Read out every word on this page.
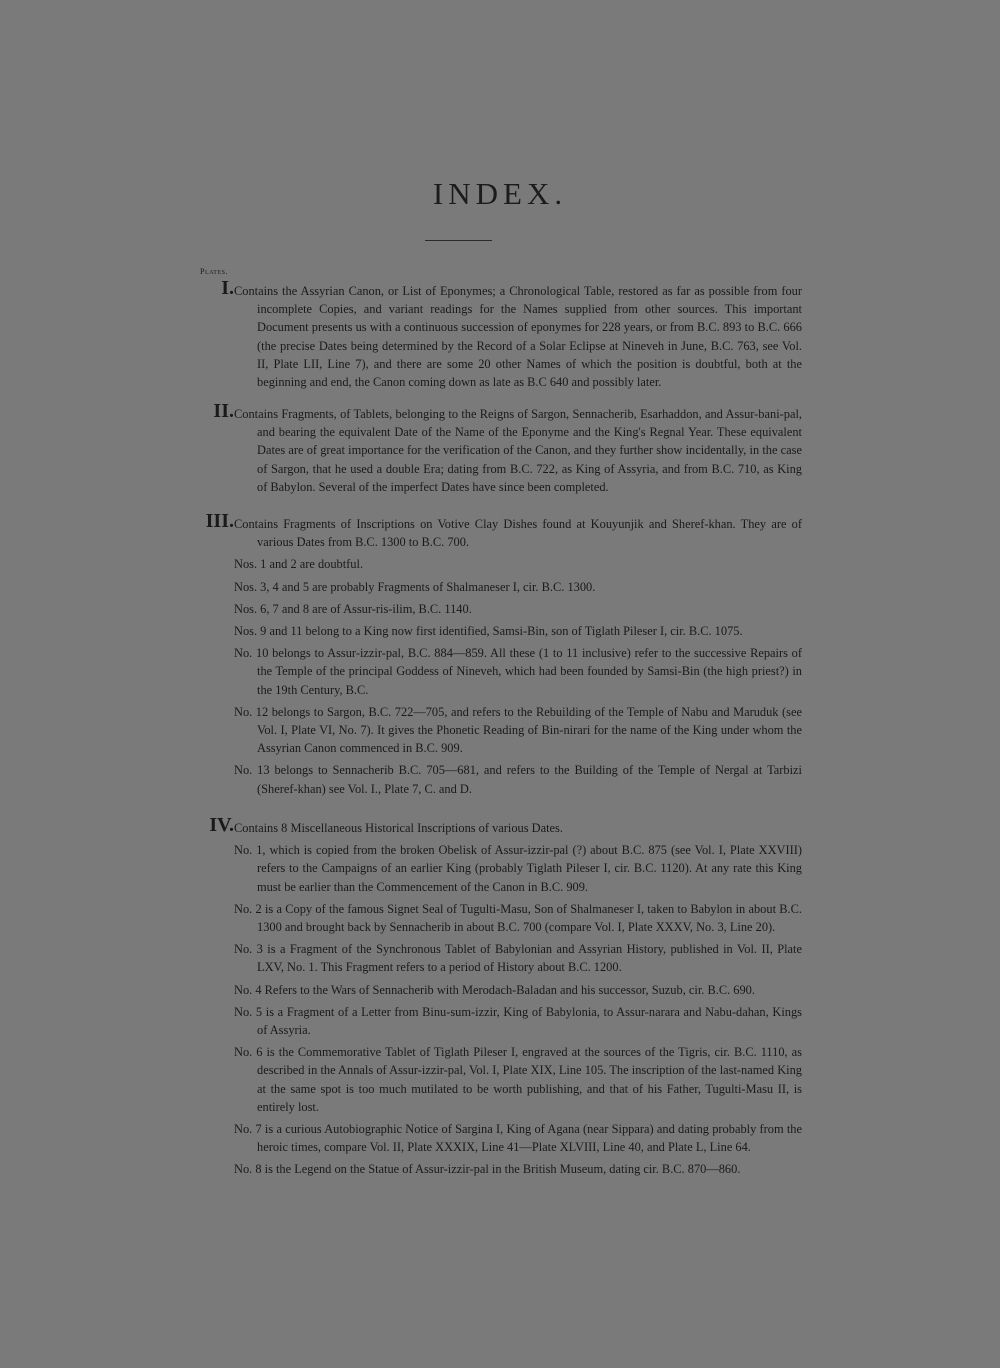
INDEX.
Plates.
I. Contains the Assyrian Canon, or List of Eponymes; a Chronological Table, restored as far as possible from four incomplete Copies, and variant readings for the Names supplied from other sources. This important Document presents us with a continuous succession of eponymes for 228 years, or from B.C. 893 to B.C. 666 (the precise Dates being determined by the Record of a Solar Eclipse at Nineveh in June, B.C. 763, see Vol. II, Plate LII, Line 7), and there are some 20 other Names of which the position is doubtful, both at the beginning and end, the Canon coming down as late as B.C 640 and possibly later.

II. Contains Fragments, of Tablets, belonging to the Reigns of Sargon, Sennacherib, Esarhaddon, and Assur-bani-pal, and bearing the equivalent Date of the Name of the Eponyme and the King's Regnal Year. These equivalent Dates are of great importance for the verification of the Canon, and they further show incidentally, in the case of Sargon, that he used a double Era; dating from B.C. 722, as King of Assyria, and from B.C. 710, as King of Babylon. Several of the imperfect Dates have since been completed.

III. Contains Fragments of Inscriptions on Votive Clay Dishes found at Kouyunjik and Sheref-khan. They are of various Dates from B.C. 1300 to B.C. 700.

Nos. 1 and 2 are doubtful.

Nos. 3, 4 and 5 are probably Fragments of Shalmaneser I, cir. B.C. 1300.

Nos. 6, 7 and 8 are of Assur-ris-ilim, B.C. 1140.

Nos. 9 and 11 belong to a King now first identified, Samsi-Bin, son of Tiglath Pileser I, cir. B.C. 1075.

No. 10 belongs to Assur-izzir-pal, B.C. 884—859. All these (1 to 11 inclusive) refer to the successive Repairs of the Temple of the principal Goddess of Nineveh, which had been founded by Samsi-Bin (the high priest?) in the 19th Century, B.C.

No. 12 belongs to Sargon, B.C. 722—705, and refers to the Rebuilding of the Temple of Nabu and Maruduk (see Vol. I, Plate VI, No. 7). It gives the Phonetic Reading of Bin-nirari for the name of the King under whom the Assyrian Canon commenced in B.C. 909.

No. 13 belongs to Sennacherib B.C. 705—681, and refers to the Building of the Temple of Nergal at Tarbizi (Sheref-khan) see Vol. I., Plate 7, C. and D.

IV. Contains 8 Miscellaneous Historical Inscriptions of various Dates.

No. 1, which is copied from the broken Obelisk of Assur-izzir-pal (?) about B.C. 875 (see Vol. I, Plate XXVIII) refers to the Campaigns of an earlier King (probably Tiglath Pileser I, cir. B.C. 1120). At any rate this King must be earlier than the Commencement of the Canon in B.C. 909.

No. 2 is a Copy of the famous Signet Seal of Tugulti-Masu, Son of Shalmaneser I, taken to Babylon in about B.C. 1300 and brought back by Sennacherib in about B.C. 700 (compare Vol. I, Plate XXXV, No. 3, Line 20).

No. 3 is a Fragment of the Synchronous Tablet of Babylonian and Assyrian History, published in Vol. II, Plate LXV, No. 1. This Fragment refers to a period of History about B.C. 1200.

No. 4 Refers to the Wars of Sennacherib with Merodach-Baladan and his successor, Suzub, cir. B.C. 690.

No. 5 is a Fragment of a Letter from Binu-sum-izzir, King of Babylonia, to Assur-narara and Nabu-dahan, Kings of Assyria.

No. 6 is the Commemorative Tablet of Tiglath Pileser I, engraved at the sources of the Tigris, cir. B.C. 1110, as described in the Annals of Assur-izzir-pal, Vol. I, Plate XIX, Line 105. The inscription of the last-named King at the same spot is too much mutilated to be worth publishing, and that of his Father, Tugulti-Masu II, is entirely lost.

No. 7 is a curious Autobiographic Notice of Sargina I, King of Agana (near Sippara) and dating probably from the heroic times, compare Vol. II, Plate XXXIX, Line 41—Plate XLVIII, Line 40, and Plate L, Line 64.

No. 8 is the Legend on the Statue of Assur-izzir-pal in the British Museum, dating cir. B.C. 870—860.
